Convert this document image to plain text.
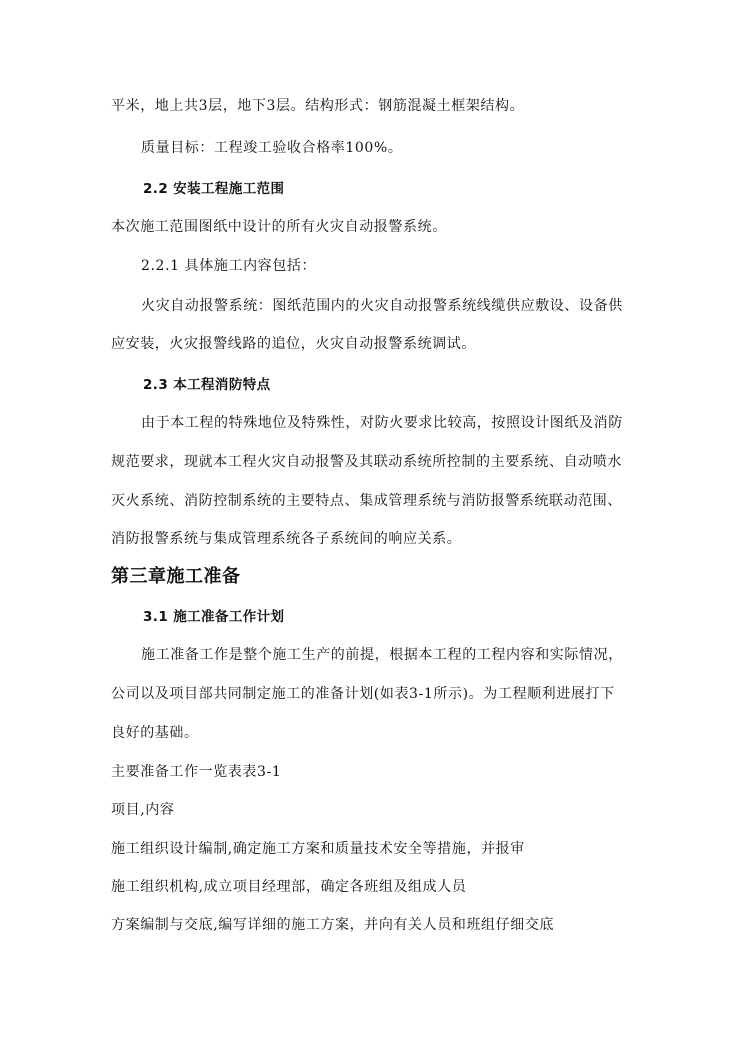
平米，地上共3层，地下3层。结构形式：钢筋混凝土框架结构。
质量目标：工程竣工验收合格率100%。
2.2 安装工程施工范围
本次施工范围图纸中设计的所有火灾自动报警系统。
2.2.1 具体施工内容包括：
火灾自动报警系统：图纸范围内的火灾自动报警系统线缆供应敷设、设备供
应安装，火灾报警线路的追位，火灾自动报警系统调试。
2.3 本工程消防特点
由于本工程的特殊地位及特殊性，对防火要求比较高，按照设计图纸及消防
规范要求，现就本工程火灾自动报警及其联动系统所控制的主要系统、自动喷水
灭火系统、消防控制系统的主要特点、集成管理系统与消防报警系统联动范围、
消防报警系统与集成管理系统各子系统间的响应关系。
第三章施工准备
3.1 施工准备工作计划
施工准备工作是整个施工生产的前提，根据本工程的工程内容和实际情况，
公司以及项目部共同制定施工的准备计划(如表3-1所示)。为工程顺利进展打下
良好的基础。
主要准备工作一览表表3-1
项目,内容
施工组织设计编制,确定施工方案和质量技术安全等措施，并报审
施工组织机构,成立项目经理部，确定各班组及组成人员
方案编制与交底,编写详细的施工方案，并向有关人员和班组仔细交底
